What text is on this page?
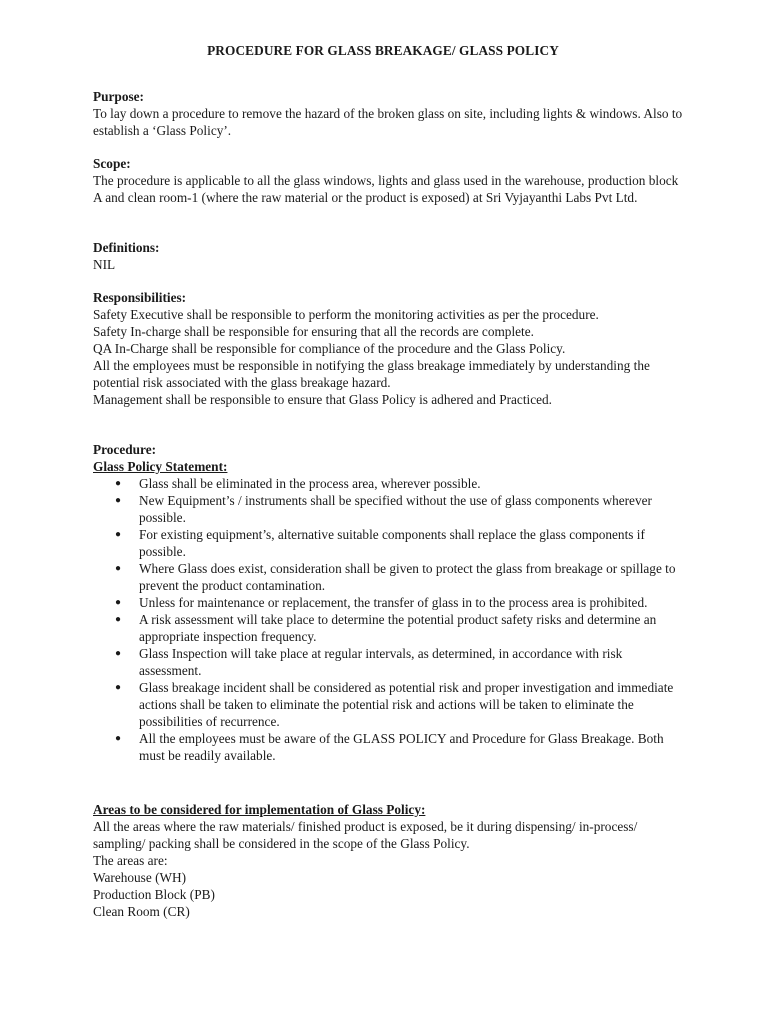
PROCEDURE FOR GLASS BREAKAGE/ GLASS POLICY

Purpose:

To lay down a procedure to remove the hazard of the broken glass on site, including lights & windows. Also to establish a ‘Glass Policy’.

Scope:

The procedure is applicable to all the glass windows, lights and glass used in the warehouse, production block A and clean room-1 (where the raw material or the product is exposed) at Sri Vyjayanthi Labs Pvt Ltd.

Definitions:

NIL

Responsibilities:

Safety Executive shall be responsible to perform the monitoring activities as per the procedure.

Safety In-charge shall be responsible for ensuring that all the records are complete.

QA In-Charge shall be responsible for compliance of the procedure and the Glass Policy.

All the employees must be responsible in notifying the glass breakage immediately by understanding the potential risk associated with the glass breakage hazard.

Management shall be responsible to ensure that Glass Policy is adhered and Practiced.

Procedure:

Glass Policy Statement:

● Glass shall be eliminated in the process area, wherever possible.
● New Equipment’s / instruments shall be specified without the use of glass components wherever possible.
● For existing equipment’s, alternative suitable components shall replace the glass components if possible.
● Where Glass does exist, consideration shall be given to protect the glass from breakage or spillage to prevent the product contamination.
● Unless for maintenance or replacement, the transfer of glass in to the process area is prohibited.
● A risk assessment will take place to determine the potential product safety risks and determine an appropriate inspection frequency.
● Glass Inspection will take place at regular intervals, as determined, in accordance with risk assessment.
● Glass breakage incident shall be considered as potential risk and proper investigation and immediate actions shall be taken to eliminate the potential risk and actions will be taken to eliminate the possibilities of recurrence.
● All the employees must be aware of the GLASS POLICY and Procedure for Glass Breakage. Both must be readily available.

Areas to be considered for implementation of Glass Policy:

All the areas where the raw materials/ finished product is exposed, be it during dispensing/ in-process/ sampling/ packing shall be considered in the scope of the Glass Policy.

The areas are:

Warehouse (WH)

Production Block (PB)

Clean Room (CR)
